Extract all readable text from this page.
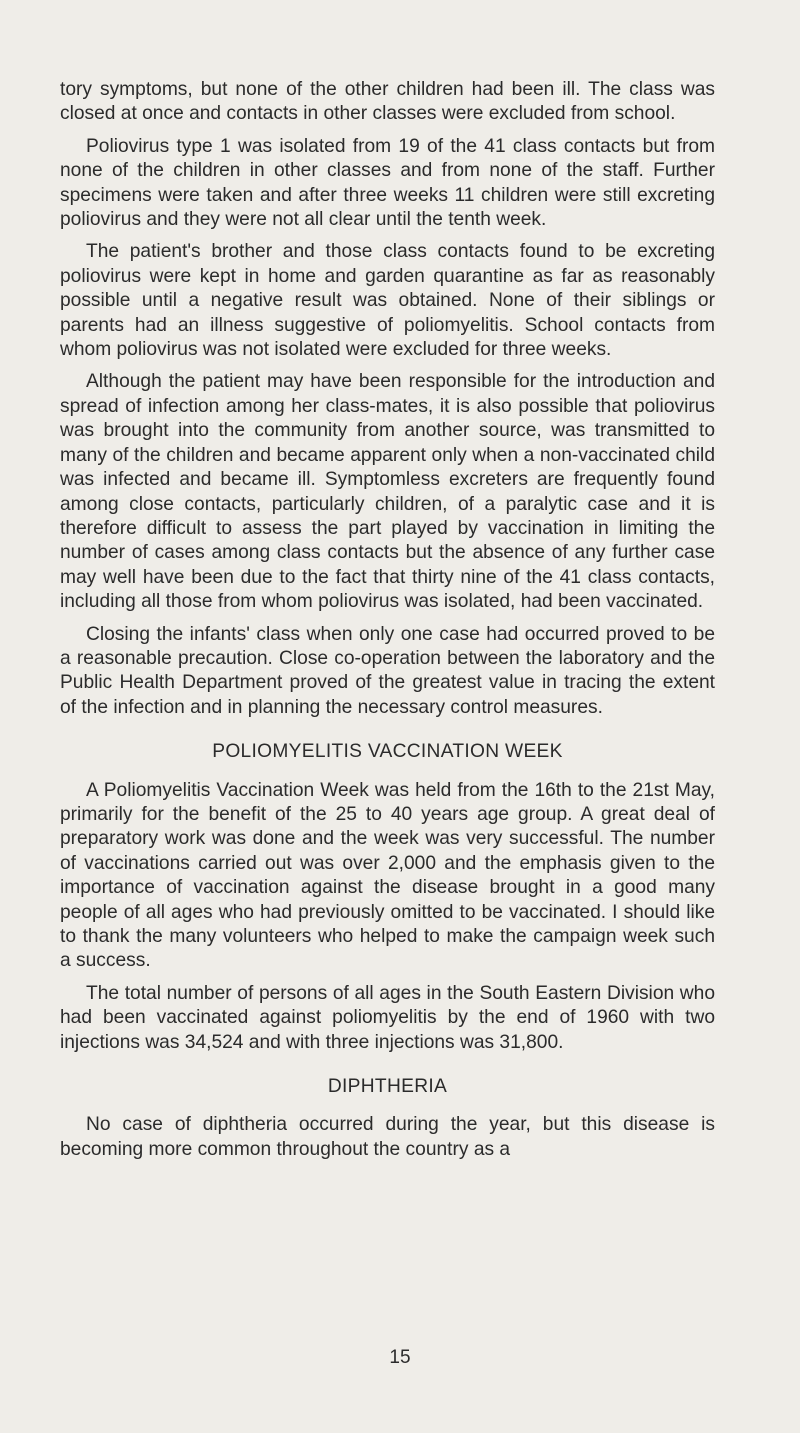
tory symptoms, but none of the other children had been ill. The class was closed at once and contacts in other classes were excluded from school.

Poliovirus type 1 was isolated from 19 of the 41 class contacts but from none of the children in other classes and from none of the staff. Further specimens were taken and after three weeks 11 children were still excreting poliovirus and they were not all clear until the tenth week.

The patient's brother and those class contacts found to be excreting poliovirus were kept in home and garden quarantine as far as reasonably possible until a negative result was obtained. None of their siblings or parents had an illness suggestive of poliomyelitis. School contacts from whom poliovirus was not isolated were excluded for three weeks.

Although the patient may have been responsible for the introduction and spread of infection among her class-mates, it is also possible that poliovirus was brought into the community from another source, was transmitted to many of the children and became apparent only when a non-vaccinated child was infected and became ill. Symptomless excreters are frequently found among close contacts, particularly children, of a paralytic case and it is therefore difficult to assess the part played by vaccination in limiting the number of cases among class contacts but the absence of any further case may well have been due to the fact that thirty nine of the 41 class contacts, including all those from whom poliovirus was isolated, had been vaccinated.

Closing the infants' class when only one case had occurred proved to be a reasonable precaution. Close co-operation between the laboratory and the Public Health Department proved of the greatest value in tracing the extent of the infection and in planning the necessary control measures.

POLIOMYELITIS VACCINATION WEEK

A Poliomyelitis Vaccination Week was held from the 16th to the 21st May, primarily for the benefit of the 25 to 40 years age group. A great deal of preparatory work was done and the week was very successful. The number of vaccinations carried out was over 2,000 and the emphasis given to the importance of vaccination against the disease brought in a good many people of all ages who had previously omitted to be vaccinated. I should like to thank the many volunteers who helped to make the campaign week such a success.

The total number of persons of all ages in the South Eastern Division who had been vaccinated against poliomyelitis by the end of 1960 with two injections was 34,524 and with three injections was 31,800.

DIPHTHERIA

No case of diphtheria occurred during the year, but this disease is becoming more common throughout the country as a

15
